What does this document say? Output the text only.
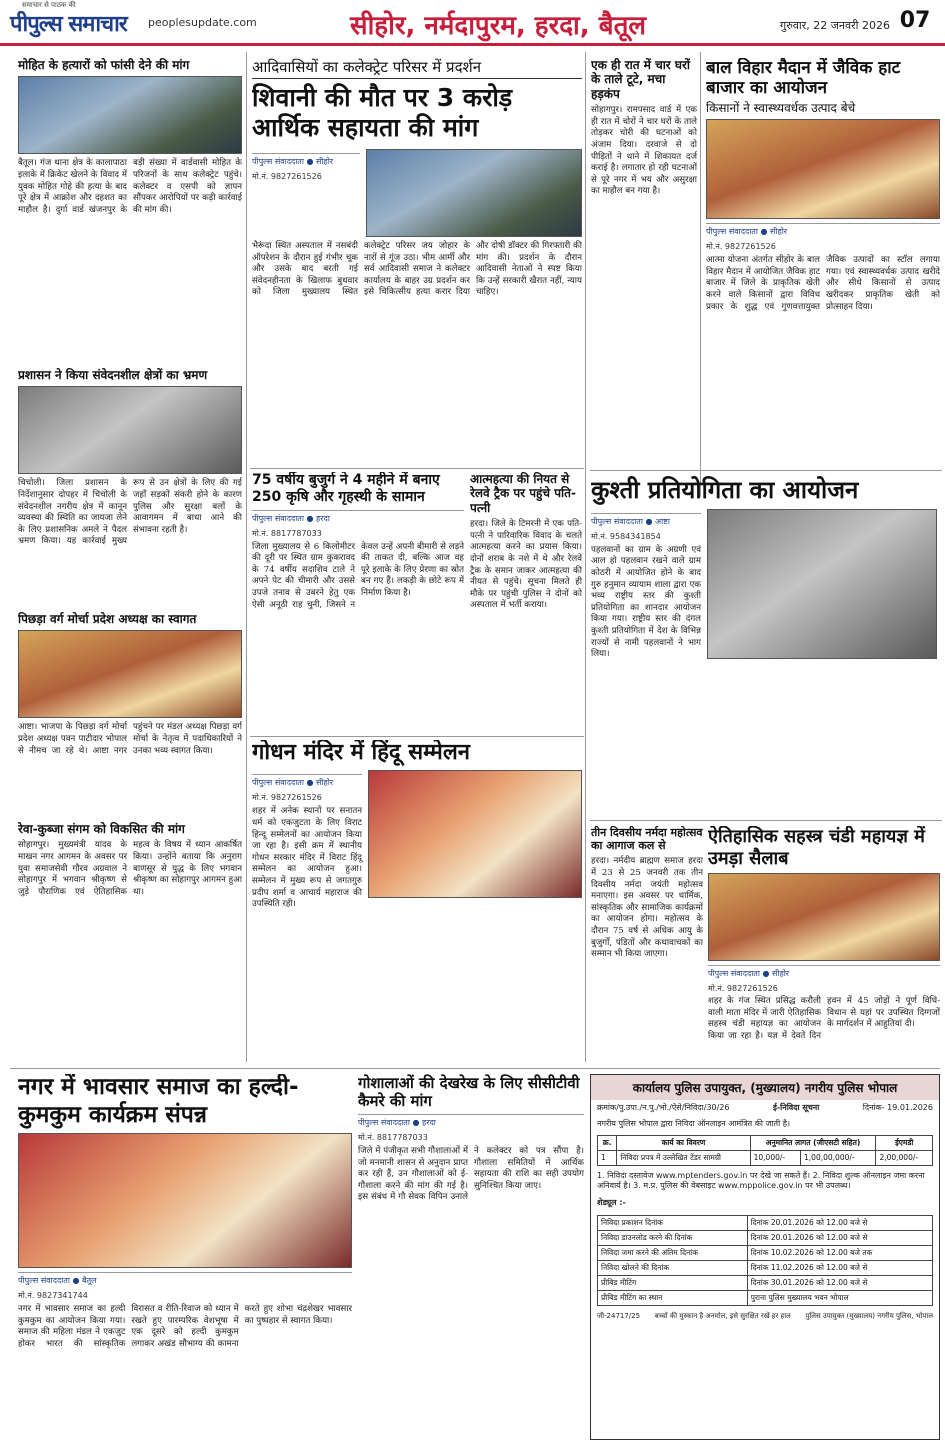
समाचार से पाठक की
पीपुल्स समाचार peoplesupdate.com	सीहोर, नर्मदापुरम, हरदा, बैतूल	गुरुवार, 22 जनवरी 2026 07
मोहित के हत्यारों को फांसी देने की मांग
बैतूल। गंज थाना क्षेत्र के कालापाठा इलाके में क्रिकेट खेलने के विवाद में युवक मोहित गोहे की हत्या के बाद पूरे क्षेत्र में आक्रोश और दहशत का माहौल है। दुर्गा वार्ड खंजनपुर के बड़ी संख्या में वार्डवासी मोहित के परिजनों के साथ कलेक्ट्रेट पहुंचे। कलेक्टर व एसपी को ज्ञापन सौंपकर आरोपियों पर कड़ी कार्रवाई की मांग की।
प्रशासन ने किया संवेदनशील क्षेत्रों का भ्रमण
चिचोली। जिला प्रशासन के निर्देशानुसार दोपहर में चिचोली के संवेदनशील नगरीय क्षेत्र में कानून व्यवस्था की स्थिति का जायजा लेने के लिए प्रशासनिक अमले ने पैदल भ्रमण किया। यह कार्रवाई मुख्य रूप से उन क्षेत्रों के लिए की गई जहाँ सड़कों संकरी होने के कारण पुलिस और सुरक्षा बलों के आवागमन में बाधा आने की संभावना रहती है।
पिछड़ा वर्ग मोर्चा प्रदेश अध्यक्ष का स्वागत
आष्टा। भाजपा के पिछड़ा वर्ग मोर्चा प्रदेश अध्यक्ष पवन पाटीदार भोपाल से नीमच जा रहे थे। आष्टा नगर पहुंचने पर मंडल अध्यक्ष पिछड़ा वर्ग मोर्चा के नेतृत्व में पदाधिकारियों ने उनका भव्य स्वागत किया।
रेवा-कुब्जा संगम को विकसित की मांग
सोहागपुर। मुख्यमंत्री यादव के माखन नगर आगमन के अवसर पर युवा समाजसेवी गौरव अग्रवाल ने सोहागपुर में भगवान श्रीकृष्ण से जुड़े पौराणिक एवं ऐतिहासिक महत्व के विषय में ध्यान आकर्षित किया। उन्होंने बताया कि अनुराग बाणसूर से युद्ध के लिए भगवान श्रीकृष्ण का सोहागपुर आगमन हुआ था।
आदिवासियों का कलेक्ट्रेट परिसर में प्रदर्शन
शिवानी की मौत पर 3 करोड़ आर्थिक सहायता की मांग
पीपुल्स संवाददाता ● सीहोर
मो.नं. 9827261526
भैरूंदा स्थित अस्पताल में नसबंदी ऑपरेशन के दौरान हुई गंभीर चूक और उसके बाद बरती गई संवेदनहीनता के खिलाफ बुधवार को जिला मुख्यालय स्थित कलेक्ट्रेट परिसर जय जोहार के नारों से गूंज उठा। भीम आर्मी और सर्व आदिवासी समाज ने कलेक्टर कार्यालय के बाहर उग्र प्रदर्शन कर इसे चिकित्सीय हत्या करार दिया और दोषी डॉक्टर की गिरफ्तारी की मांग की। प्रदर्शन के दौरान आदिवासी नेताओं ने स्पष्ट किया कि उन्हें सरकारी खैरात नहीं, न्याय चाहिए।
75 वर्षीय बुजुर्ग ने 4 महीने में बनाए 250 कृषि और गृहस्थी के सामान
पीपुल्स संवाददाता ● हरदा
मो.नं. 8817787033
जिला मुख्यालय से 6 किलोमीटर की दूरी पर स्थित ग्राम कुकरावद के 74 वर्षीय सदाशिव टाले ने अपने पेट की चीमारी और उससे उपजे तनाव से उबरने हेतु एक ऐसी अनूठी राह चुनी, जिसने न केवल उन्हें अपनी बीमारी से लड़ने की ताकत दी, बल्कि आज वह पूरे इलाके के लिए प्रेरणा का स्रोत बन गए हैं। लकड़ी के छोटे रूप में निर्माण किया है।
आत्महत्या की नियत से रेलवे ट्रैक पर पहुंचे पति-पत्नी
हरदा। जिले के टिमरनी में एक पति-पत्नी ने पारिवारिक विवाद के चलते आत्महत्या करने का प्रयास किया। दोनों शराब के नशे में थे और रेलवे ट्रैक के समान जाकर आत्महत्या की नीयत से पहुंचे। सूचना मिलते ही मौके पर पहुंची पुलिस ने दोनों को अस्पताल में भर्ती कराया।
गोधन मंदिर में हिंदू सम्मेलन
पीपुल्स संवाददाता ● सीहोर
मो.नं. 9827261526
शहर में अनेक स्थानों पर सनातन धर्म को एकजुटता के लिए विराट हिन्दू सम्मेलनों का आयोजन किया जा रहा है। इसी क्रम में स्थानीय गोधन सरकार मंदिर में विराट हिंदू सम्मेलन का आयोजन हुआ। सम्मेलन में मुख्य रूप से जगतगुरु प्रदीप शर्मा व आचार्य महाराज की उपस्थिति रही।
एक ही रात में चार घरों के ताले टूटे, मचा हड़कंप
सोहागपुर। रामपसाद वार्ड में एक ही रात में चोरों ने चार घरों के ताले तोड़कर चोरी की घटनाओं को अंजाम दिया। दरवाजे से दो पीड़ितों ने थाने में शिकायत दर्ज कराई है। लगातार हो रही घटनाओं से पूरे नगर में भय और असुरक्षा का माहौल बन गया है।
बाल विहार मैदान में जैविक हाट बाजार का आयोजन
किसानों ने स्वास्थ्यवर्धक उत्पाद बेचे
पीपुल्स संवाददाता ● सीहोर
मो.नं. 9827261526
आत्मा योजना अंतर्गत सीहोर के बाल विहार मैदान में आयोजित जैविक हाट बाजार में जिले के प्राकृतिक खेती करने वाले किसानों द्वारा विविध प्रकार के शुद्ध एवं गुणवत्तायुक्त जैविक उत्पादों का स्टॉल लगाया गया। एवं स्वास्थ्यवर्धक उत्पाद खरीदे और सीधे किसानों से उत्पाद खरीदकर प्राकृतिक खेती को प्रोत्साहन दिया।
कुश्ती प्रतियोगिता का आयोजन
पीपुल्स संवाददाता ● आष्टा
मो.नं. 9584341854
पहलवानों का ग्राम के अग्रणी एवं आल हो पहलवान रखने वाले ग्राम कोठरी में आयोजित होने के बाद गुरु हनुमान व्यायाम शाला द्वारा एक भव्य राष्ट्रीय स्तर की कुश्ती प्रतियोगिता का शानदार आयोजन किया गया। राष्ट्रीय स्तर की दंगल कुश्ती प्रतियोगिता में देश के विभिन्न राज्यों से नामी पहलवानों ने भाग लिया।
तीन दिवसीय नर्मदा महोत्सव का आगाज कल से
हरदा। नर्मदीय ब्राह्मण समाज हरदा में 23 से 25 जनवरी तक तीन दिवसीय नर्मदा जयंती महोत्सव मनाएगा। इस अवसर पर धार्मिक, सांस्कृतिक और सामाजिक कार्यक्रमों का आयोजन होगा। महोत्सव के दौरान 75 वर्ष से अधिक आयु के बुजुर्गों, पंडितों और कथावाचकों का सम्मान भी किया जाएगा।
ऐतिहासिक सहस्त्र चंडी महायज्ञ में उमड़ा सैलाब
पीपुल्स संवाददाता ● सीहोर
मो.नं. 9827261526
शहर के गंज स्थित प्रसिद्ध करौली वाली माता मंदिर में जारी ऐतिहासिक सहस्त्र चंडी महायज्ञ का आयोजन किया जा रहा है। यज्ञ में देवते दिन हवन में 45 जोड़ों ने पूर्ण विधि-विधान से यहां पर उपस्थित दिग्गजों के मार्गदर्शन में आहुतियां दी।
नगर में भावसार समाज का हल्दी-कुमकुम कार्यक्रम संपन्न
पीपुल्स संवाददाता ● बैतूल
मो.नं. 9827341744
नगर में भावसार समाज का हल्दी कुमकुम का आयोजन किया गया। समाज की महिला मंडल ने एकजुट होकर भारत की सांस्कृतिक विरासत व रीति-रिवाज को ध्यान में रखते हुए पारम्परिक वेशभूषा में एक दूसरे को हल्दी कुमकुम लगाकर अखंड सौभाग्य की कामना करते हुए शोभा चंद्रशेखर भावसार का पुष्पहार से स्वागत किया।
गोशालाओं की देखरेख के लिए सीसीटीवी कैमरे की मांग
पीपुल्स संवाददाता ● हरदा
मो.नं. 8817787033
जिले में पंजीकृत सभी गौशालाओं में जो मनमानी शासन से अनुदान प्राप्त कर रही हैं, उन गौशालाओं को ई-गौशाला करने की मांग की गई है। इस संबंध में गौ सेवक विपिन उनाले ने कलेक्टर को पत्र सौंपा है। गौशाला समितियों में आर्थिक सहायता की राशि का सही उपयोग सुनिश्चित किया जाए।
कार्यालय पुलिस उपायुक्त, (मुख्यालय) नगरीय पुलिस भोपाल
क्रमांक/पु.उपा./न.पु./भो./ऐसे/निविदा/30/26	ई-निविदा सूचना	दिनांक- 19.01.2026
नगरीय पुलिस भोपाल द्वारा निविदा ऑनलाइन आमंत्रित की जाती है।
क्र.	कार्य का विवरण	अनुमानित लागत (जीएसटी सहित)		ईएमडी
1	निविदा प्रपत्र में उल्लेखित टेंडर सामग्री	10,000/-	1,00,00,000/-	2,00,000/-
1. निविदा दस्तावेज www.mptenders.gov.in पर देखे जा सकते हैं। 2. निविदा शुल्क ऑनलाइन जमा करना अनिवार्य है। 3. म.प्र. पुलिस की वेबसाइट www.mppolice.gov.in पर भी उपलब्ध।
शेड्यूल :-
निविदा प्रकाशन दिनांक	दिनांक 20.01.2026 को 12.00 बजे से
निविदा डाउनलोड करने की दिनांक	दिनांक 20.01.2026 को 12.00 बजे से
निविदा जमा करने की अंतिम दिनांक	दिनांक 10.02.2026 को 12.00 बजे तक
निविदा खोलने की दिनांक	दिनांक 11.02.2026 को 12.00 बजे से
प्रीबिड मीटिंग	दिनांक 30.01.2026 को 12.00 बजे से
प्रीबिड मीटिंग का स्थान	पुराना पुलिस मुख्यालय भवन भोपाल
जी-24717/25 बच्चों की मुस्कान है अनमोल, इसे सुरक्षित रखें हर हाल पुलिस उपायुक्त (मुख्यालय) नगरीय पुलिस, भोपाल
